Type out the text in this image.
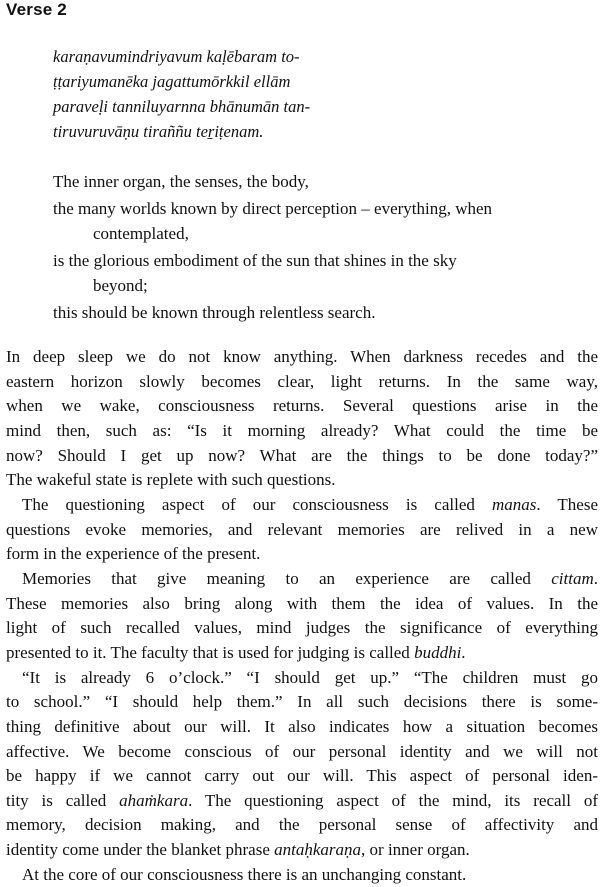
Verse 2
karaṇavumindriyavum kaḷēbaram to-
ṭṭariyumanēka jagattumōrkkil ellām
paraveḷi tanniluyarnna bhānumān tan-
tiruvuruvāṇu tiraññu teṟiṭenam.
The inner organ, the senses, the body,
the many worlds known by direct perception – everything, when
contemplated,
is the glorious embodiment of the sun that shines in the sky
beyond;
this should be known through relentless search.

In deep sleep we do not know anything. When darkness recedes and the
eastern horizon slowly becomes clear, light returns. In the same way,
when we wake, consciousness returns. Several questions arise in the
mind then, such as: “Is it morning already? What could the time be
now? Should I get up now? What are the things to be done today?”
The wakeful state is replete with such questions.

The questioning aspect of our consciousness is called manas. These
questions evoke memories, and relevant memories are relived in a new
form in the experience of the present.

Memories that give meaning to an experience are called cittam.
These memories also bring along with them the idea of values. In the
light of such recalled values, mind judges the significance of everything
presented to it. The faculty that is used for judging is called buddhi.

“It is already 6 o’clock.” “I should get up.” “The children must go
to school.” “I should help them.” In all such decisions there is some-
thing definitive about our will. It also indicates how a situation becomes
affective. We become conscious of our personal identity and we will not
be happy if we cannot carry out our will. This aspect of personal iden-
tity is called ahaṁkara. The questioning aspect of the mind, its recall of
memory, decision making, and the personal sense of affectivity and
identity come under the blanket phrase antaḥkaraṇa, or inner organ.

At the core of our consciousness there is an unchanging constant.
